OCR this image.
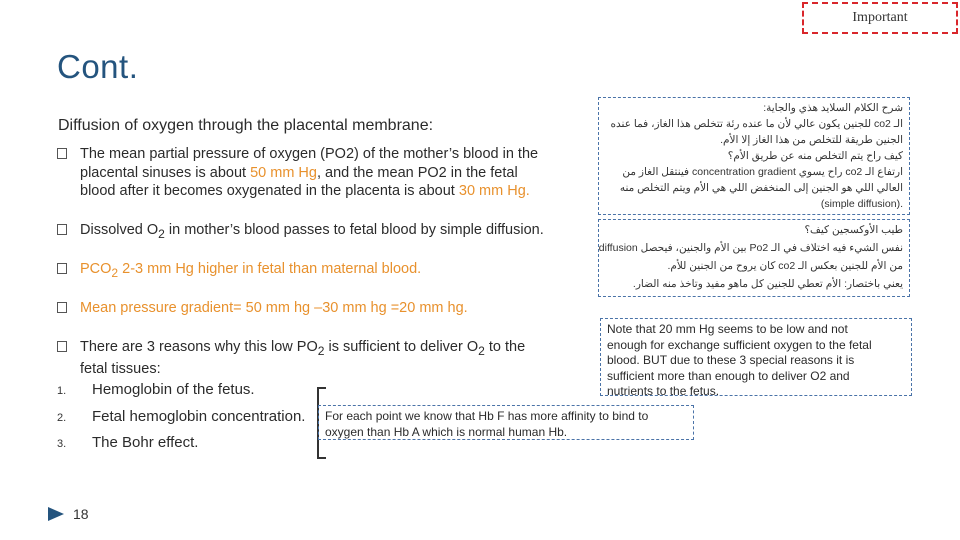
Important
Cont.
Diffusion of oxygen through the placental membrane:
The mean partial pressure of oxygen (PO2) of the mother’s blood in the
placental sinuses is about 50 mm Hg, and the mean PO2 in the fetal
blood after it becomes oxygenated in the placenta is about 30 mm Hg.
Dissolved $O_2$ in mother’s blood passes to fetal blood by simple diffusion.
$PCO_2$ 2-3 mm Hg higher in fetal than maternal blood.
Mean pressure gradient= 50 mm hg –30 mm hg =20 mm hg.
There are 3 reasons why this low $PO_2$ is sufficient to deliver $O_2$ to the
fetal tissues:
1. Hemoglobin of the fetus.
2. Fetal hemoglobin concentration.
3. The Bohr effect.
For each point we know that Hb F has more affinity to bind to
oxygen than Hb A which is normal human Hb.
Note that 20 mm Hg seems to be low and not
enough for exchange sufficient oxygen to the fetal
blood. BUT due to these 3 special reasons it is
sufficient more than enough to deliver O2 and
nutrients to the fetus.
شرح الكلام السلايد هذي والجاية:
الـ co2 للجنين يكون عالي لأن ما عنده رئة تتخلص هذا الغاز، فما عنده
الجنين طريقة للتخلص من هذا الغاز إلا الأم.
كيف راح يتم التخلص منه عن طريق الأم؟
ارتفاع الـ co2 راح يسوي concentration gradient فينتقل الغاز من
العالي اللي هو الجنين إلى المنخفض اللي هي الأم ويتم التخلص منه
.(simple diffusion)
طيب الأوكسجين كيف؟
نفس الشيء فيه اختلاف في الـ Po2 بين الأم والجنين، فيحصل diffusion
من الأم للجنين بعكس الـ co2 كان يروح من الجنين للأم.
يعني باختصار: الأم تعطي للجنين كل ماهو مفيد وتاخذ منه الضار.
18
